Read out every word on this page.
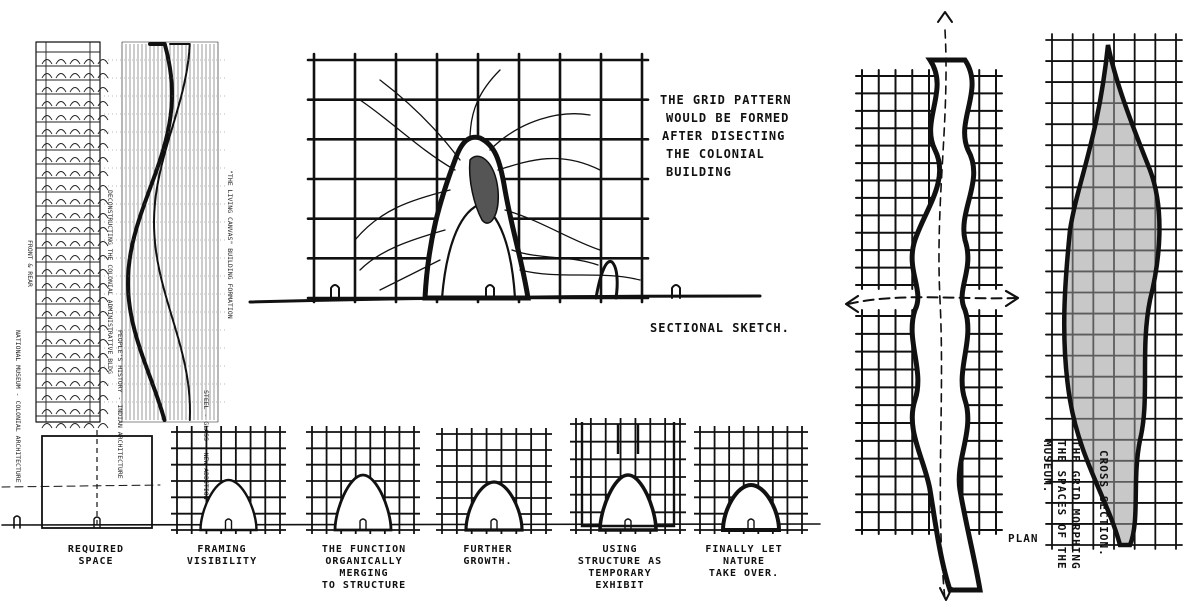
FRONT & REAR	DECONSTRUCTING THE COLONIAL ADMINISTRATIVE BLDG	"THE LIVING CANVAS" BUILDING FORMATION
NATIONAL MUSEUM - COLONIAL ARCHITECTURE	PEOPLE'S HISTORY - INDIAN ARCHITECTURE	STEEL - GLASS - NEW ADDITION
THE GRID PATTERN
WOULD BE FORMED
AFTER DISECTING
THE COLONIAL
BUILDING
SECTIONAL SKETCH.
REQUIRED SPACE
FRAMING VISIBILITY
THE FUNCTION ORGANICALLY MERGING TO STRUCTURE
FURTHER GROWTH.
USING STRUCTURE AS TEMPORARY EXHIBIT
FINALLY LET NATURE TAKE OVER.
PLAN	THE GRID MORPHING
THE SPACES OF THE
MUSEUM.	CROSS SECTION.
